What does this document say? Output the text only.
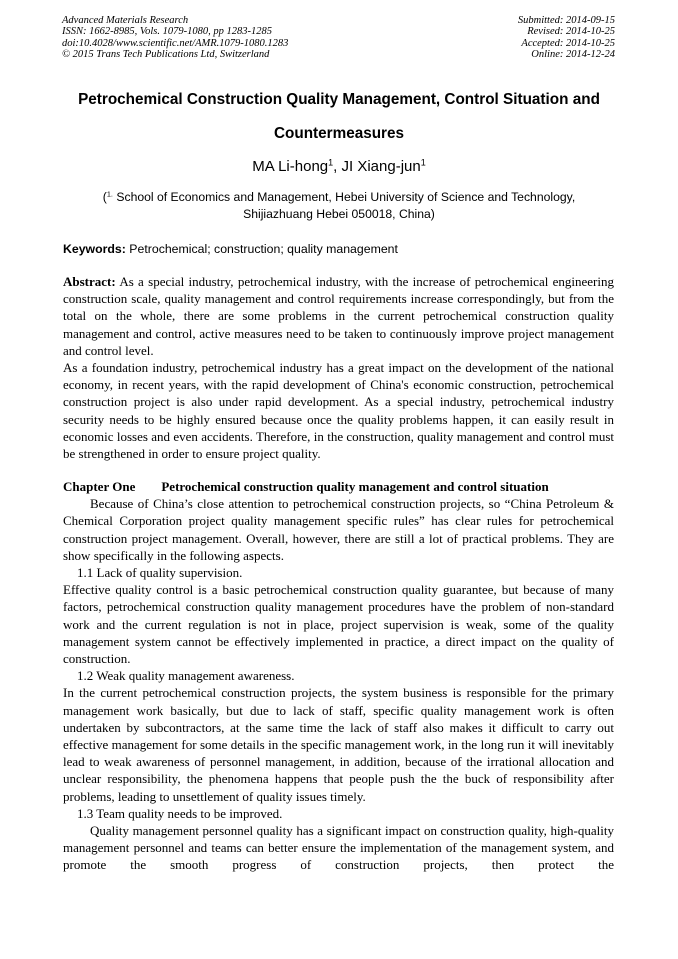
Advanced Materials Research
ISSN: 1662-8985, Vols. 1079-1080, pp 1283-1285
doi:10.4028/www.scientific.net/AMR.1079-1080.1283
© 2015 Trans Tech Publications Ltd, Switzerland
Submitted: 2014-09-15
Revised: 2014-10-25
Accepted: 2014-10-25
Online: 2014-12-24
Petrochemical Construction Quality Management, Control Situation and
Countermeasures
MA Li-hong$^1$, JI Xiang-jun$^1$
($^{1.}$ School of Economics and Management, Hebei University of Science and Technology,
Shijiazhuang Hebei 050018, China)
Keywords: Petrochemical; construction; quality management

Abstract: As a special industry, petrochemical industry, with the increase of petrochemical engineering construction scale, quality management and control requirements increase correspondingly, but from the total on the whole, there are some problems in the current petrochemical construction quality management and control, active measures need to be taken to continuously improve project management and control level.

As a foundation industry, petrochemical industry has a great impact on the development of the national economy, in recent years, with the rapid development of China's economic construction, petrochemical construction project is also under rapid development. As a special industry, petrochemical industry security needs to be highly ensured because once the quality problems happen, it can easily result in economic losses and even accidents. Therefore, in the construction, quality management and control must be strengthened in order to ensure project quality.

Chapter One Petrochemical construction quality management and control situation

Because of China’s close attention to petrochemical construction projects, so “China Petroleum & Chemical Corporation project quality management specific rules” has clear rules for petrochemical construction project management. Overall, however, there are still a lot of practical problems. They are show specifically in the following aspects.

1.1 Lack of quality supervision.

Effective quality control is a basic petrochemical construction quality guarantee, but because of many factors, petrochemical construction quality management procedures have the problem of non-standard work and the current regulation is not in place, project supervision is weak, some of the quality management system cannot be effectively implemented in practice, a direct impact on the quality of construction.

1.2 Weak quality management awareness.

In the current petrochemical construction projects, the system business is responsible for the primary management work basically, but due to lack of staff, specific quality management work is often undertaken by subcontractors, at the same time the lack of staff also makes it difficult to carry out effective management for some details in the specific management work, in the long run it will inevitably lead to weak awareness of personnel management, in addition, because of the irrational allocation and unclear responsibility, the phenomena happens that people push the the buck of responsibility after problems, leading to unsettlement of quality issues timely.

1.3 Team quality needs to be improved.

Quality management personnel quality has a significant impact on construction quality, high-quality management personnel and teams can better ensure the implementation of the management system, and promote the smooth progress of construction projects, then protect the
